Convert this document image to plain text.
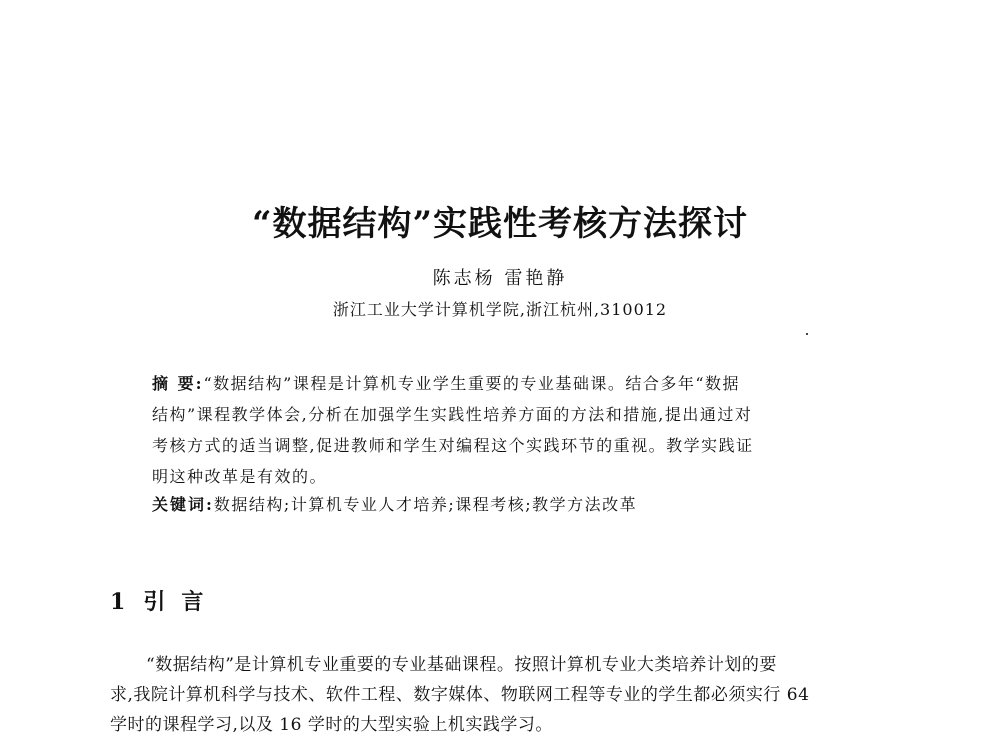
“数据结构”实践性考核方法探讨
陈志杨 雷艳静
浙江工业大学计算机学院,浙江杭州,310012
摘 要:“数据结构”课程是计算机专业学生重要的专业基础课。结合多年“数据
结构”课程教学体会,分析在加强学生实践性培养方面的方法和措施,提出通过对
考核方式的适当调整,促进教师和学生对编程这个实践环节的重视。教学实践证
明这种改革是有效的。
关键词:数据结构;计算机专业人才培养;课程考核;教学方法改革
1 引言
“数据结构”是计算机专业重要的专业基础课程。按照计算机专业大类培养计划的要
求,我院计算机科学与技术、软件工程、数字媒体、物联网工程等专业的学生都必须实行 64
学时的课程学习,以及 16 学时的大型实验上机实践学习。
